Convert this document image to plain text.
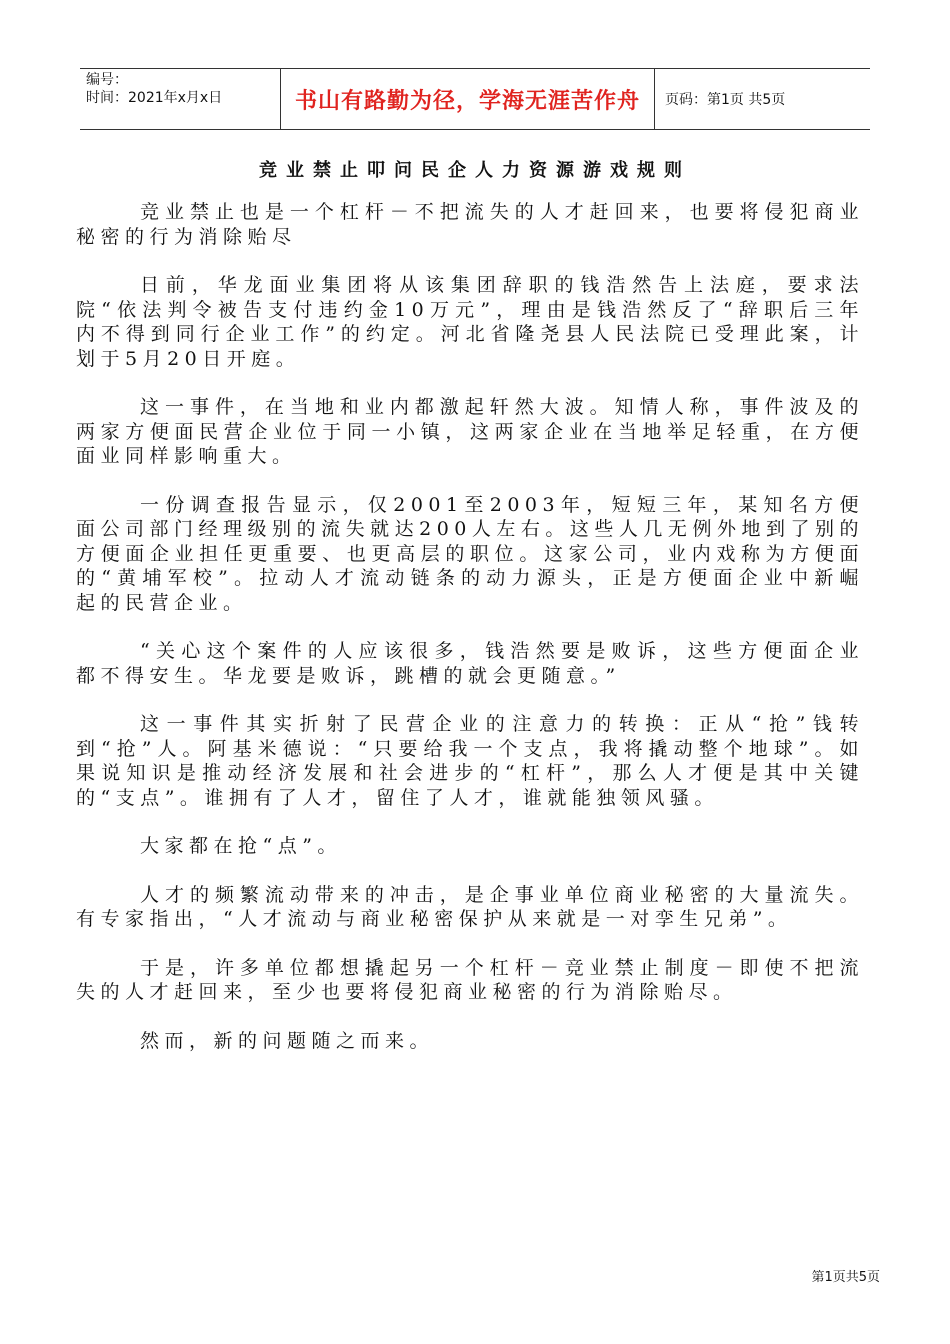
编号：
时间：2021年x月x日	书山有路勤为径，学海无涯苦作舟	页码：第1页 共5页
竞业禁止叩问民企人力资源游戏规则

竞业禁止也是一个杠杆－不把流失的人才赶回来，也要将侵犯商业秘密的行为消除贻尽

日前，华龙面业集团将从该集团辞职的钱浩然告上法庭，要求法院“依法判令被告支付违约金10万元”，理由是钱浩然反了“辞职后三年内不得到同行企业工作”的约定。河北省隆尧县人民法院已受理此案，计划于5月20日开庭。

这一事件，在当地和业内都激起轩然大波。知情人称，事件波及的两家方便面民营企业位于同一小镇，这两家企业在当地举足轻重，在方便面业同样影响重大。

一份调查报告显示，仅2001至2003年，短短三年，某知名方便面公司部门经理级别的流失就达200人左右。这些人几无例外地到了别的方便面企业担任更重要、也更高层的职位。这家公司，业内戏称为方便面的“黄埔军校”。拉动人才流动链条的动力源头，正是方便面企业中新崛起的民营企业。

“关心这个案件的人应该很多，钱浩然要是败诉，这些方便面企业都不得安生。华龙要是败诉，跳槽的就会更随意。”

这一事件其实折射了民营企业的注意力的转换：正从“抢”钱转到“抢”人。阿基米德说：“只要给我一个支点，我将撬动整个地球”。如果说知识是推动经济发展和社会进步的“杠杆”，那么人才便是其中关键的“支点”。谁拥有了人才，留住了人才，谁就能独领风骚。

大家都在抢“点”。

人才的频繁流动带来的冲击，是企事业单位商业秘密的大量流失。有专家指出，“人才流动与商业秘密保护从来就是一对孪生兄弟”。

于是，许多单位都想撬起另一个杠杆－竞业禁止制度－即使不把流失的人才赶回来，至少也要将侵犯商业秘密的行为消除贻尽。

然而，新的问题随之而来。

第1页共5页
